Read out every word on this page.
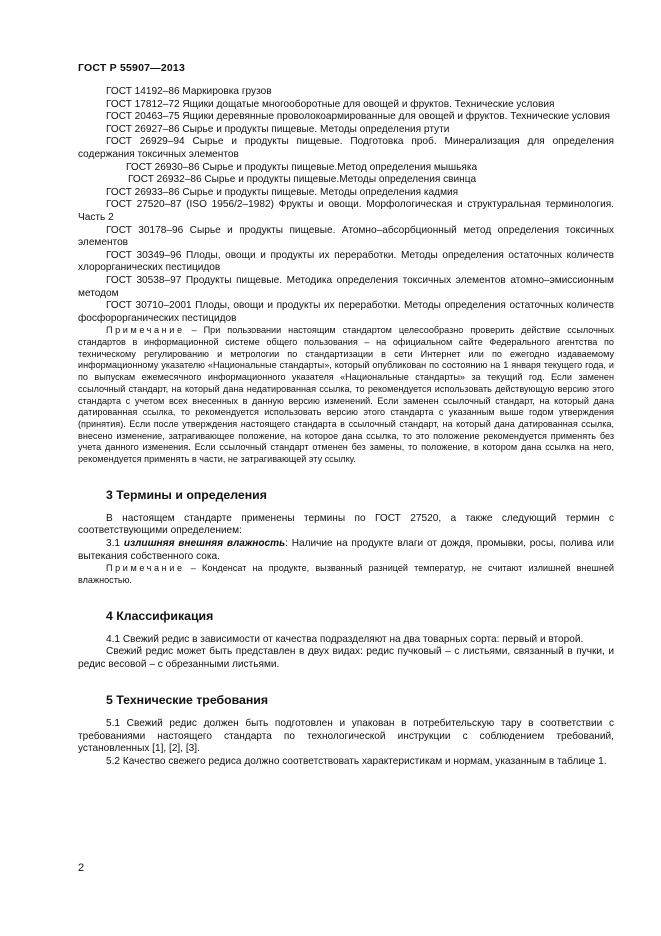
ГОСТ Р 55907—2013

ГОСТ 14192–86 Маркировка грузов

ГОСТ 17812–72 Ящики дощатые многооборотные для овощей и фруктов. Технические условия

ГОСТ 20463–75 Ящики деревянные проволокоармированные для овощей и фруктов. Технические условия

ГОСТ 26927–86 Сырье и продукты пищевые. Методы определения ртути

ГОСТ 26929–94 Сырье и продукты пищевые. Подготовка проб. Минерализация для определения содержания токсичных элементов

ГОСТ 26930–86 Сырье и продукты пищевые.Метод определения мышьяка

ГОСТ 26932–86 Сырье и продукты пищевые.Методы определения свинца

ГОСТ 26933–86 Сырье и продукты пищевые. Методы определения кадмия

ГОСТ 27520–87 (ISO 1956/2–1982) Фрукты и овощи. Морфологическая и структуральная терминология. Часть 2

ГОСТ 30178–96 Сырье и продукты пищевые. Атомно–абсорбционный метод определения токсичных элементов

ГОСТ 30349–96 Плоды, овощи и продукты их переработки. Методы определения остаточных количеств хлорорганических пестицидов

ГОСТ 30538–97 Продукты пищевые. Методика определения токсичных элементов атомно–эмиссионным методом

ГОСТ 30710–2001 Плоды, овощи и продукты их переработки. Методы определения остаточных количеств фосфорорганических пестицидов

Примечание – При пользовании настоящим стандартом целесообразно проверить действие ссылочных стандартов в информационной системе общего пользования – на официальном сайте Федерального агентства по техническому регулированию и метрологии по стандартизации в сети Интернет или по ежегодно издаваемому информационному указателю «Национальные стандарты», который опубликован по состоянию на 1 января текущего года, и по выпускам ежемесячного информационного указателя «Национальные стандарты» за текущий год. Если заменен ссылочный стандарт, на который дана недатированная ссылка, то рекомендуется использовать действующую версию этого стандарта с учетом всех внесенных в данную версию изменений. Если заменен ссылочный стандарт, на который дана датированная ссылка, то рекомендуется использовать версию этого стандарта с указанным выше годом утверждения (принятия). Если после утверждения настоящего стандарта в ссылочный стандарт, на который дана датированная ссылка, внесено изменение, затрагивающее положение, на которое дана ссылка, то это положение рекомендуется применять без учета данного изменения. Если ссылочный стандарт отменен без замены, то положение, в котором дана ссылка на него, рекомендуется применять в части, не затрагивающей эту ссылку.

3 Термины и определения

В настоящем стандарте применены термины по ГОСТ 27520, а также следующий термин с соответствующими определением:

3.1 излишняя внешняя влажность: Наличие на продукте влаги от дождя, промывки, росы, полива или вытекания собственного сока.

Примечание – Конденсат на продукте, вызванный разницей температур, не считают излишней внешней влажностью.

4 Классификация

4.1 Свежий редис в зависимости от качества подразделяют на два товарных сорта: первый и второй.

Свежий редис может быть представлен в двух видах: редис пучковый – с листьями, связанный в пучки, и редис весовой – с обрезанными листьями.

5 Технические требования

5.1 Свежий редис должен быть подготовлен и упакован в потребительскую тару в соответствии с требованиями настоящего стандарта по технологической инструкции с соблюдением требований, установленных [1], [2], [3].

5.2 Качество свежего редиса должно соответствовать характеристикам и нормам, указанным в таблице 1.

2
